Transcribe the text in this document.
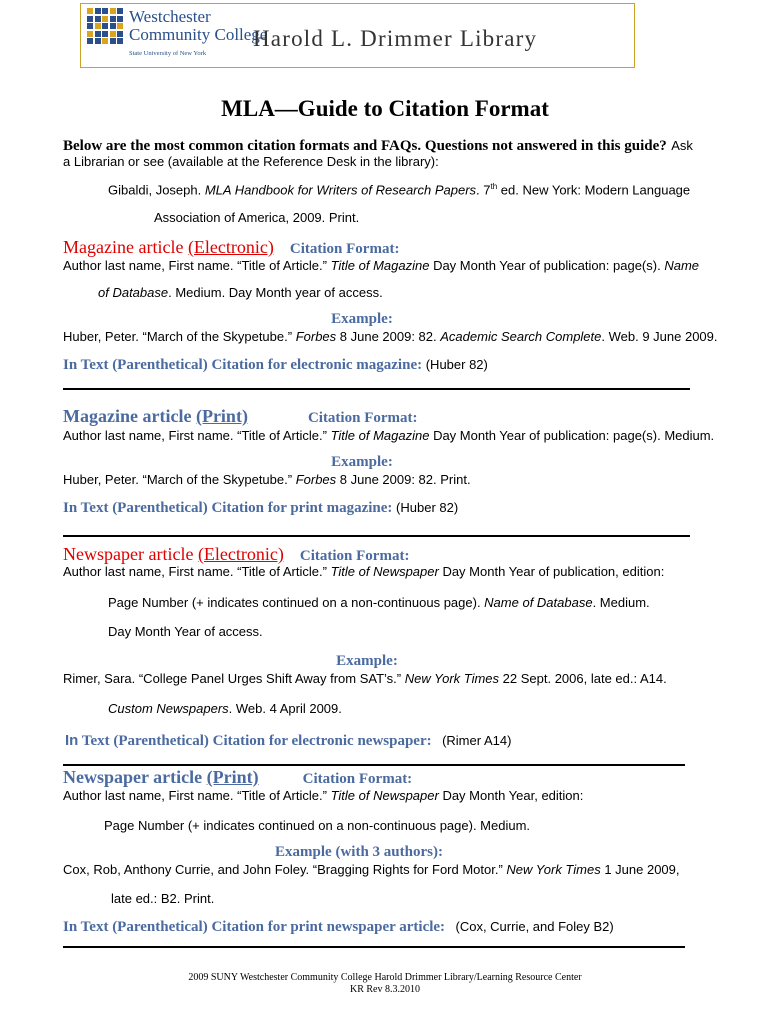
Westchester
Community College
State University of New York
Harold L. Drimmer Library
MLA—Guide to Citation Format
Below are the most common citation formats and FAQs. Questions not answered in this guide? Ask
a Librarian or see (available at the Reference Desk in the library):
Gibaldi, Joseph. MLA Handbook for Writers of Research Papers. 7th ed. New York: Modern Language
Association of America, 2009. Print.
Magazine article (Electronic) Citation Format:
Author last name, First name. “Title of Article.” Title of Magazine Day Month Year of publication: page(s). Name
of Database. Medium. Day Month year of access.
Example:
Huber, Peter. “March of the Skypetube.” Forbes 8 June 2009: 82. Academic Search Complete. Web. 9 June 2009.
In Text (Parenthetical) Citation for electronic magazine: (Huber 82)
Magazine article (Print)	Citation Format:
Author last name, First name. “Title of Article.” Title of Magazine Day Month Year of publication: page(s). Medium.
Example:
Huber, Peter. “March of the Skypetube.” Forbes 8 June 2009: 82. Print.
In Text (Parenthetical) Citation for print magazine: (Huber 82)
Newspaper article (Electronic) Citation Format:
Author last name, First name. “Title of Article.” Title of Newspaper Day Month Year of publication, edition:
Page Number (+ indicates continued on a non-continuous page). Name of Database. Medium.
Day Month Year of access.
Example:
Rimer, Sara. “College Panel Urges Shift Away from SAT’s.” New York Times 22 Sept. 2006, late ed.: A14.
Custom Newspapers. Web. 4 April 2009.
In Text (Parenthetical) Citation for electronic newspaper: (Rimer A14)
Newspaper article (Print)	Citation Format:
Author last name, First name. “Title of Article.” Title of Newspaper Day Month Year, edition:
Page Number (+ indicates continued on a non-continuous page). Medium.
Example (with 3 authors):
Cox, Rob, Anthony Currie, and John Foley. “Bragging Rights for Ford Motor.” New York Times 1 June 2009,
late ed.: B2. Print.
In Text (Parenthetical) Citation for print newspaper article: (Cox, Currie, and Foley B2)
2009 SUNY Westchester Community College Harold Drimmer Library/Learning Resource Center
KR Rev 8.3.2010
